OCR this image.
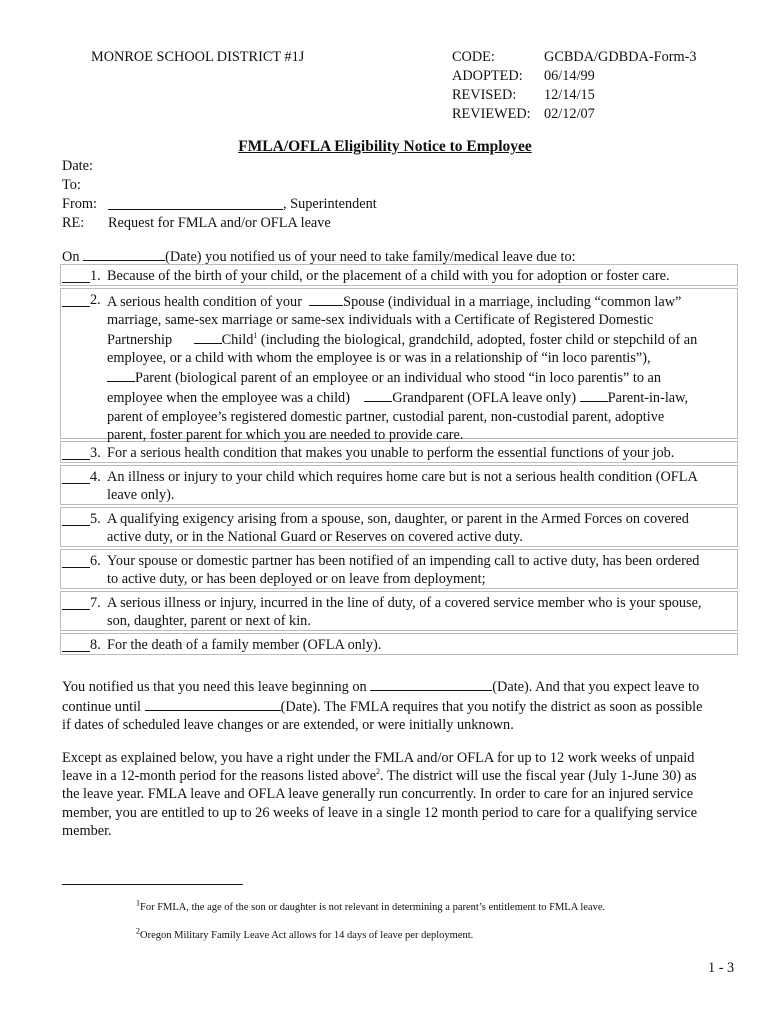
MONROE SCHOOL DISTRICT #1J	CODE:	GCBDA/GDBDA-Form-3
ADOPTED:	06/14/99
REVISED:	12/14/15
REVIEWED: 02/12/07
FMLA/OFLA Eligibility Notice to Employee
Date:
To:
From:	, Superintendent
RE:	Request for FMLA and/or OFLA leave
On	(Date) you notified us of your need to take family/medical leave due to:
1. Because of the birth of your child, or the placement of a child with you for adoption or foster care.
2. A serious health condition of your	Spouse (individual in a marriage, including “common law”
marriage, same-sex marriage or same-sex individuals with a Certificate of Registered Domestic
Partnership	Child$^1$ (including the biological, grandchild, adopted, foster child or stepchild of an
employee, or a child with whom the employee is or was in a relationship of “in loco parentis”),
Parent (biological parent of an employee or an individual who stood “in loco parentis” to an
employee when the employee was a child)	Grandparent (OFLA leave only) Parent-in-law,
parent of employee’s registered domestic partner, custodial parent, non-custodial parent, adoptive
parent, foster parent for which you are needed to provide care.
3. For a serious health condition that makes you unable to perform the essential functions of your job.
4. An illness or injury to your child which requires home care but is not a serious health condition (OFLA
leave only).
5. A qualifying exigency arising from a spouse, son, daughter, or parent in the Armed Forces on covered
active duty, or in the National Guard or Reserves on covered active duty.
6. Your spouse or domestic partner has been notified of an impending call to active duty, has been ordered
to active duty, or has been deployed or on leave from deployment;
7. A serious illness or injury, incurred in the line of duty, of a covered service member who is your spouse,
son, daughter, parent or next of kin.
8. For the death of a family member (OFLA only).
You notified us that you need this leave beginning on	(Date). And that you expect leave to
continue until	(Date). The FMLA requires that you notify the district as soon as possible
if dates of scheduled leave changes or are extended, or were initially unknown.
Except as explained below, you have a right under the FMLA and/or OFLA for up to 12 work weeks of unpaid
leave in a 12-month period for the reasons listed above$^2$. The district will use the fiscal year (July 1-June 30) as
the leave year. FMLA leave and OFLA leave generally run concurrently. In order to care for an injured service
member, you are entitled to up to 26 weeks of leave in a single 12 month period to care for a qualifying service
member.
$^1$For FMLA, the age of the son or daughter is not relevant in determining a parent’s entitlement to FMLA leave.
$^2$Oregon Military Family Leave Act allows for 14 days of leave per deployment.
1 - 3
